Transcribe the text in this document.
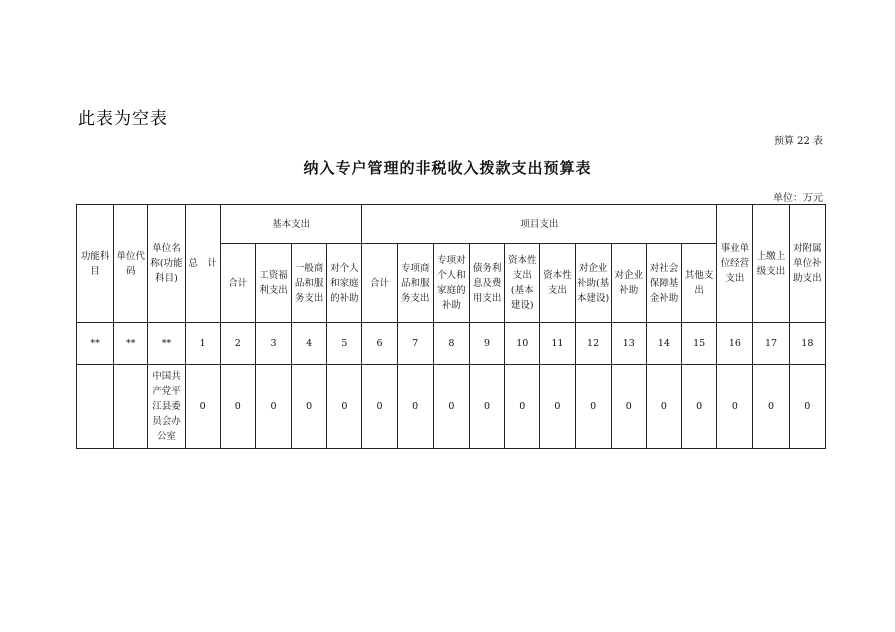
此表为空表
预算 22 表
纳入专户管理的非税收入拨款支出预算表
单位：万元
功能科目	单位代码	单位名称(功能科目)	总　计	基本支出				项目支出										事业单位经营支出	上缴上级支出	对附属单位补助支出
				合计	工资福利支出	一般商品和服务支出	对个人和家庭的补助	合计	专项商品和服务支出	专项对个人和家庭的补助	债务利息及费用支出	资本性支出(基本建设)	资本性支出	对企业补助(基本建设)	对企业补助	对社会保障基金补助	其他支出			
**	**	**	1	2	3	4	5	6	7	8	9	10	11	12	13	14	15	16	17	18
		中国共产党平江县委员会办公室	0	0	0	0	0	0	0	0	0	0	0	0	0	0	0	0	0	0
